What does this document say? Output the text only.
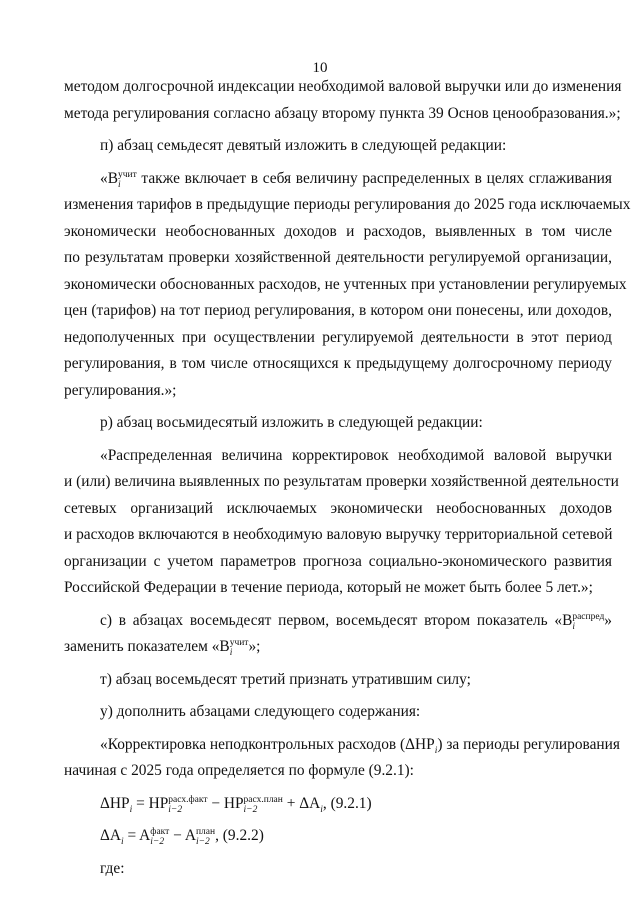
10
методом долгосрочной индексации необходимой валовой выручки или до изменения
метода регулирования согласно абзацу второму пункта 39 Основ ценообразования.»;
п) абзац семьдесят девятый изложить в следующей редакции:
«B учит
i	также включает в себя величину распределенных в целях сглаживания
изменения тарифов в предыдущие периоды регулирования до 2025 года исключаемых
экономически необоснованных доходов и расходов, выявленных в том числе
по результатам проверки хозяйственной деятельности регулируемой организации,
экономически обоснованных расходов, не учтенных при установлении регулируемых
цен (тарифов) на тот период регулирования, в котором они понесены, или доходов,
недополученных при осуществлении регулируемой деятельности в этот период
регулирования, в том числе относящихся к предыдущему долгосрочному периоду
регулирования.»;
р) абзац восьмидесятый изложить в следующей редакции:
«Распределенная величина корректировок необходимой валовой выручки
и (или) величина выявленных по результатам проверки хозяйственной деятельности
сетевых организаций исключаемых экономически необоснованных доходов
и расходов включаются в необходимую валовую выручку территориальной сетевой
организации с учетом параметров прогноза социально-экономического развития
Российской Федерации в течение периода, который не может быть более 5 лет.»;
с) в абзацах восемьдесят первом, восемьдесят втором показатель «B распред
i	»
заменить показателем «B учит
i	»;
т) абзац восемьдесят третий признать утратившим силу;
у) дополнить абзацами следующего содержания:
«Корректировка неподконтрольных расходов $(\Delta HP_i)$ за периоды регулирования
начиная с 2025 года определяется по формуле (9.2.1):
$\Delta HP_i$ = HP расх.факт
i−2	− HP расх.план
i−2	+ $\Delta A_i$, (9.2.1)
$\Delta A_i = A$ факт
i−2 − A план
i−2 , (9.2.2)
где:
